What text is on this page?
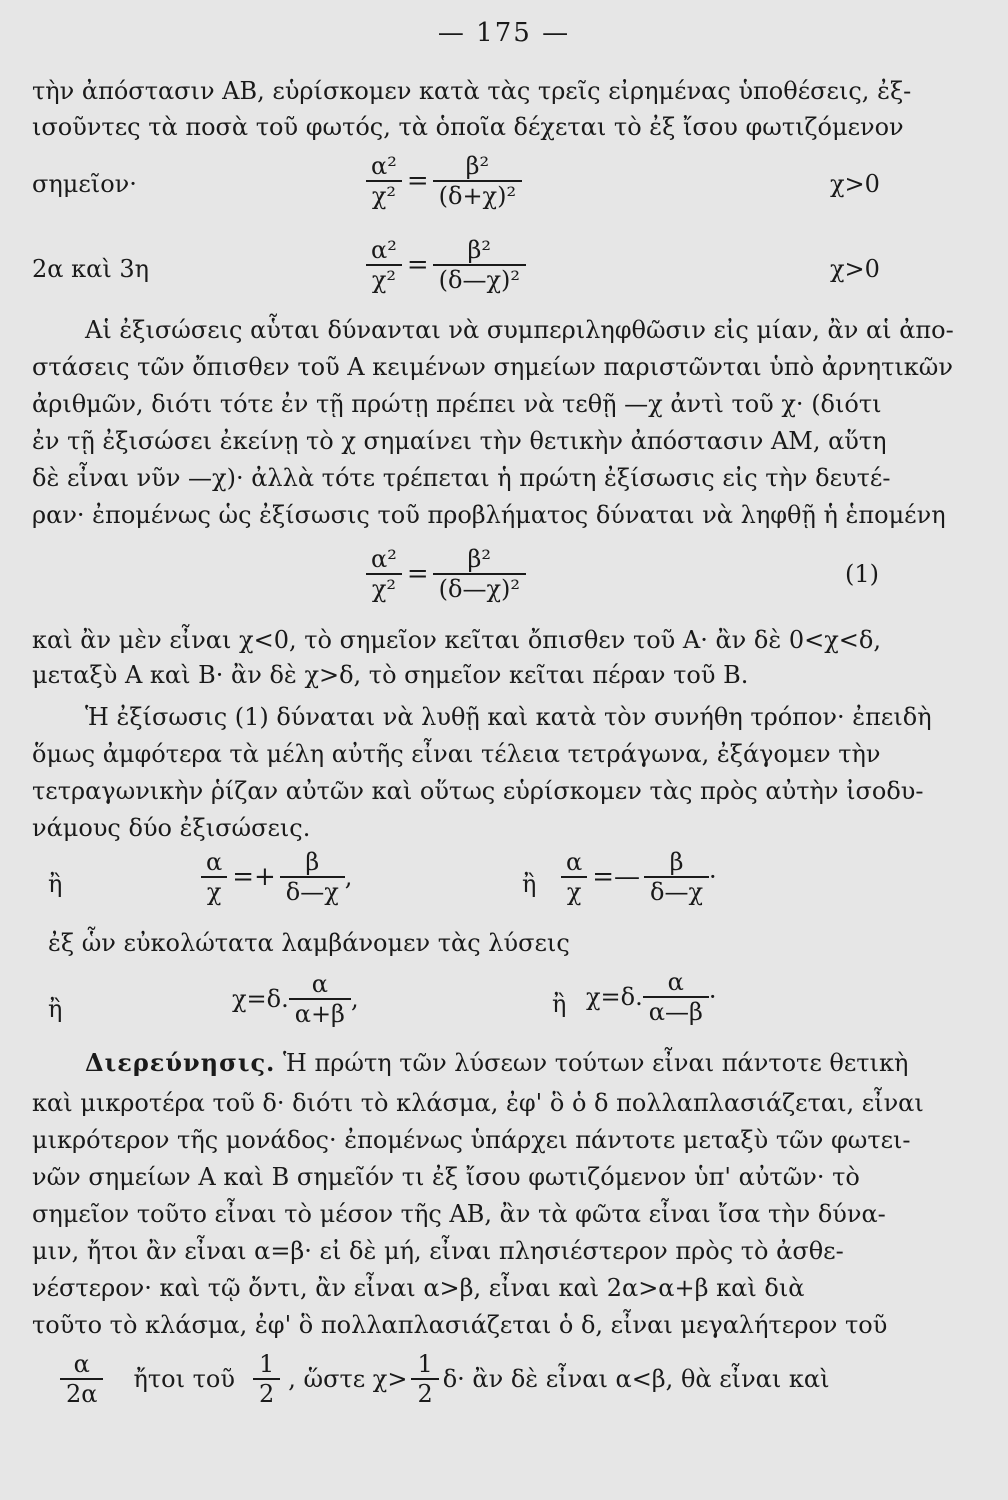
— 175 —
τὴν ἀπόστασιν ΑΒ, εὑρίσκομεν κατὰ τὰς τρεῖς εἰρημένας ὑποθέσεις, ἐξ-
ισοῦντες τὰ ποσὰ τοῦ φωτός, τὰ ὁποῖα δέχεται τὸ ἐξ ἴσου φωτιζόμενον
σημεῖον·	$\frac{\text{α²}}{\text{χ²}} = \frac{\text{β²}}{\text{(δ+χ)²}}$	χ>0
2α καὶ 3η	$\frac{\text{α²}}{\text{χ²}} = \frac{\text{β²}}{\text{(δ—χ)²}}$	χ>0
Αἱ ἐξισώσεις αὗται δύνανται νὰ συμπεριληφθῶσιν εἰς μίαν, ἂν αἱ ἀπο-
στάσεις τῶν ὄπισθεν τοῦ Α κειμένων σημείων παριστῶνται ὑπὸ ἀρνητικῶν
ἀριθμῶν, διότι τότε ἐν τῇ πρώτῃ πρέπει νὰ τεθῇ —χ ἀντὶ τοῦ χ· (διότι
ἐν τῇ ἐξισώσει ἐκείνῃ τὸ χ σημαίνει τὴν θετικὴν ἀπόστασιν ΑΜ, αὕτη
δὲ εἶναι νῦν —χ)· ἀλλὰ τότε τρέπεται ἡ πρώτη ἐξίσωσις εἰς τὴν δευτέ-
ραν· ἐπομένως ὡς ἐξίσωσις τοῦ προβλήματος δύναται νὰ ληφθῇ ἡ ἑπομένη
$\frac{\text{α²}}{\text{χ²}} = \frac{\text{β²}}{\text{(δ—χ)²}}$	(1)
καὶ ἂν μὲν εἶναι χ<0, τὸ σημεῖον κεῖται ὄπισθεν τοῦ Α· ἂν δὲ 0<χ<δ,
μεταξὺ Α καὶ Β· ἂν δὲ χ>δ, τὸ σημεῖον κεῖται πέραν τοῦ Β.
Ἡ ἐξίσωσις (1) δύναται νὰ λυθῇ καὶ κατὰ τὸν συνήθη τρόπον· ἐπειδὴ
ὅμως ἀμφότερα τὰ μέλη αὐτῆς εἶναι τέλεια τετράγωνα, ἐξάγομεν τὴν
τετραγωνικὴν ῥίζαν αὐτῶν καὶ οὕτως εὑρίσκομεν τὰς πρὸς αὐτὴν ἰσοδυ-
νάμους δύο ἐξισώσεις.
ἢ	$\frac{\alpha}{\chi} =+ \frac{\beta}{\delta—\chi}$ ,	ἢ $\frac{\alpha}{\chi}$ =— $\frac{\beta}{\delta—\chi}$ ·
ἐξ ὧν εὐκολώτατα λαμβάνομεν τὰς λύσεις
ἢ	χ=δ. $\frac{\alpha}{\alpha+\beta}$ ,	ἢ χ=δ. $\frac{\alpha}{\alpha—\beta}$ ·
Διερεύνησις. Ἡ πρώτη τῶν λύσεων τούτων εἶναι πάντοτε θετικὴ
καὶ μικροτέρα τοῦ δ· διότι τὸ κλάσμα, ἐφ' ὃ ὁ δ πολλαπλασιάζεται, εἶναι
μικρότερον τῆς μονάδος· ἐπομένως ὑπάρχει πάντοτε μεταξὺ τῶν φωτει-
νῶν σημείων Α καὶ Β σημεῖόν τι ἐξ ἴσου φωτιζόμενον ὑπ' αὐτῶν· τὸ
σημεῖον τοῦτο εἶναι τὸ μέσον τῆς ΑΒ, ἂν τὰ φῶτα εἶναι ἴσα τὴν δύνα-
μιν, ἤτοι ἂν εἶναι α=β· εἰ δὲ μή, εἶναι πλησιέστερον πρὸς τὸ ἀσθε-
νέστερον· καὶ τῷ ὄντι, ἂν εἶναι α>β, εἶναι καὶ 2α>α+β καὶ διὰ
τοῦτο τὸ κλάσμα, ἐφ' ὃ πολλαπλασιάζεται ὁ δ, εἶναι μεγαλήτερον τοῦ
$\frac{\alpha}{2\alpha}$ ἤτοι τοῦ $\frac{1}{2}$ , ὥστε $\chi> \frac{1}{2} \delta\cdot$ ἂν δὲ εἶναι α<β, θὰ εἶναι καὶ
